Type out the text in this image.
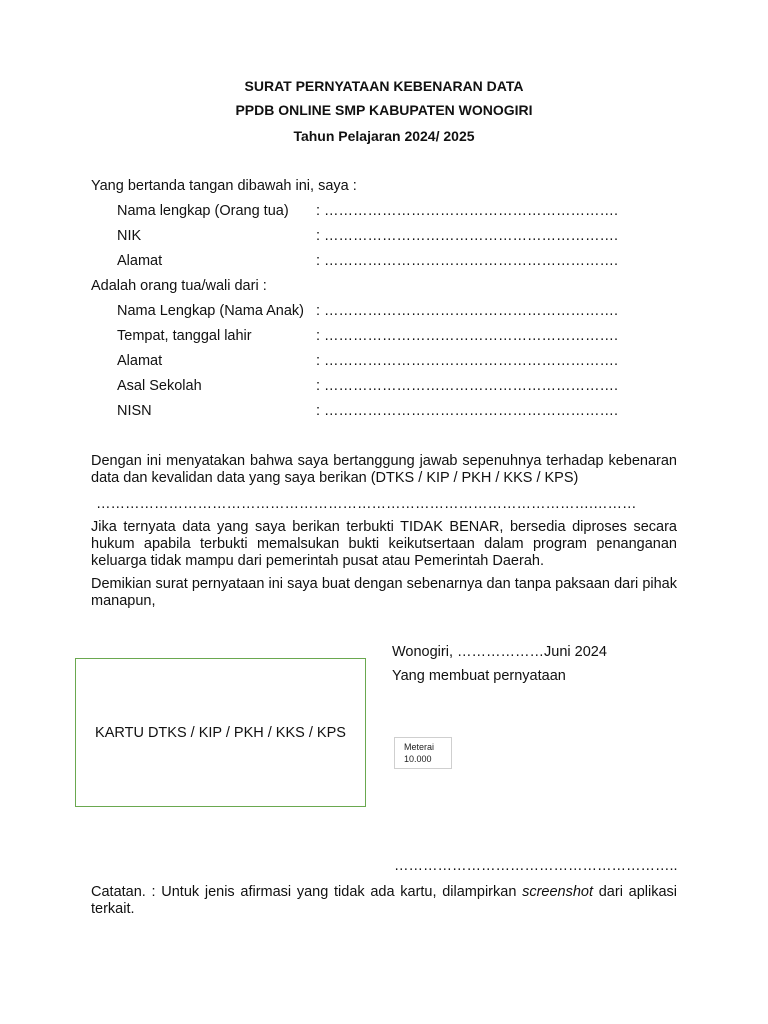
SURAT PERNYATAAN KEBENARAN DATA
PPDB ONLINE SMP KABUPATEN WONOGIRI
Tahun Pelajaran 2024/ 2025
Yang bertanda tangan dibawah ini, saya :
Nama lengkap (Orang tua) : …………………………………………………….
NIK	: …………………………………………………….
Alamat	: …………………………………………………….
Adalah orang tua/wali dari :
Nama Lengkap (Nama Anak) : …………………………………………………….
Tempat, tanggal lahir	: …………………………………………………….
Alamat	: …………………………………………………….
Asal Sekolah	: …………………………………………………….
NISN	: …………………………………………………….
Dengan ini menyatakan bahwa saya bertanggung jawab sepenuhnya terhadap kebenaran data dan kevalidan data yang saya berikan (DTKS / KIP / PKH / KKS / KPS)
………………………………………………………………………………………….………
Jika ternyata data yang saya berikan terbukti TIDAK BENAR, bersedia diproses secara hukum apabila terbukti memalsukan bukti keikutsertaan dalam program penanganan keluarga tidak mampu dari pemerintah pusat atau Pemerintah Daerah.
Demikian surat pernyataan ini saya buat dengan sebenarnya dan tanpa paksaan dari pihak manapun,
Wonogiri, ………………Juni 2024
Yang membuat pernyataan
Meterai
10.000
…………………………………………………..
KARTU DTKS / KIP / PKH / KKS / KPS
Catatan. : Untuk jenis afirmasi yang tidak ada kartu, dilampirkan screenshot dari aplikasi terkait.
